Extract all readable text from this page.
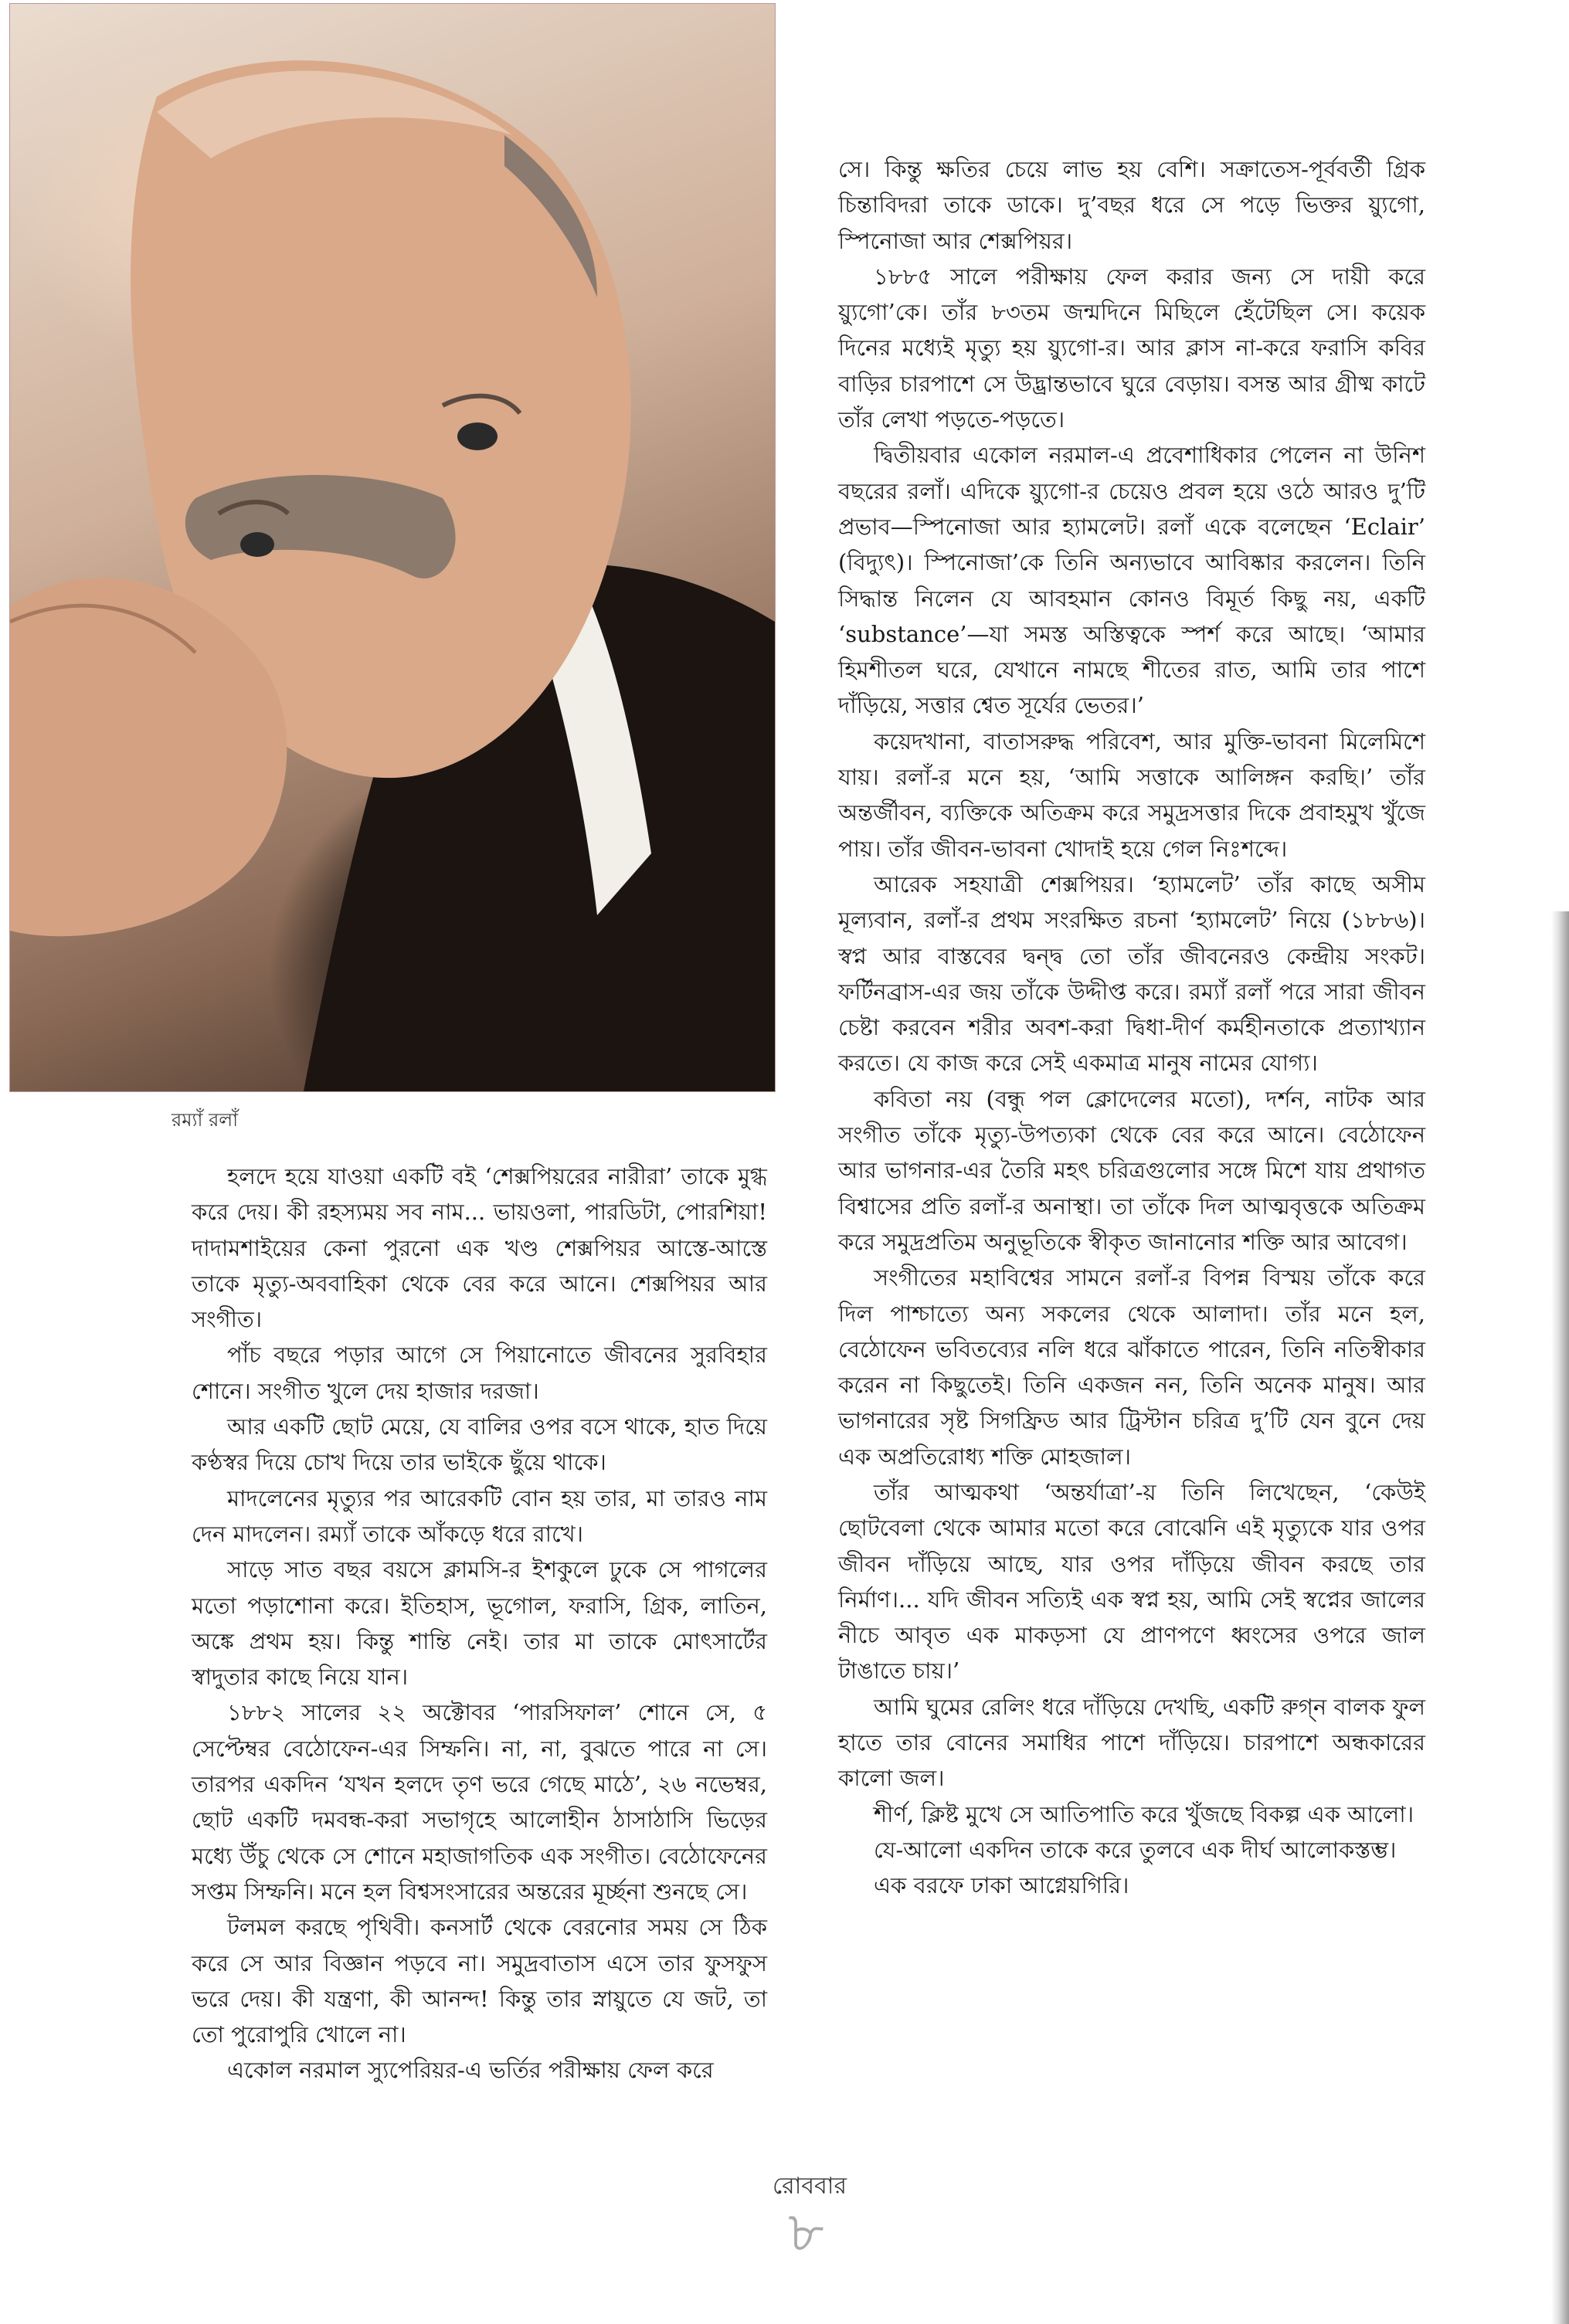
রম্যাঁ রলাঁ

হলদে হয়ে যাওয়া একটি বই ‘শেক্সপিয়রের নারীরা’ তাকে মুগ্ধ করে দেয়। কী রহস্যময় সব নাম... ভায়ওলা, পারডিটা, পোরশিয়া! দাদামশাইয়ের কেনা পুরনো এক খণ্ড শেক্সপিয়র আস্তে-আস্তে তাকে মৃত্যু-অববাহিকা থেকে বের করে আনে। শেক্সপিয়র আর সংগীত।

পাঁচ বছরে পড়ার আগে সে পিয়ানোতে জীবনের সুরবিহার শোনে। সংগীত খুলে দেয় হাজার দরজা।

আর একটি ছোট মেয়ে, যে বালির ওপর বসে থাকে, হাত দিয়ে কণ্ঠস্বর দিয়ে চোখ দিয়ে তার ভাইকে ছুঁয়ে থাকে।

মাদলেনের মৃত্যুর পর আরেকটি বোন হয় তার, মা তারও নাম দেন মাদলেন। রম্যাঁ তাকে আঁকড়ে ধরে রাখে।

সাড়ে সাত বছর বয়সে ক্লামসি-র ইশকুলে ঢুকে সে পাগলের মতো পড়াশোনা করে। ইতিহাস, ভূগোল, ফরাসি, গ্রিক, লাতিন, অঙ্কে প্রথম হয়। কিন্তু শান্তি নেই। তার মা তাকে মোৎসার্টের স্বাদুতার কাছে নিয়ে যান।

১৮৮২ সালের ২২ অক্টোবর ‘পারসিফাল’ শোনে সে, ৫ সেপ্টেম্বর বেঠোফেন-এর সিম্ফনি। না, না, বুঝতে পারে না সে। তারপর একদিন ‘যখন হলদে তৃণ ভরে গেছে মাঠে’, ২৬ নভেম্বর, ছোট একটি দমবন্ধ-করা সভাগৃহে আলোহীন ঠাসাঠাসি ভিড়ের মধ্যে উঁচু থেকে সে শোনে মহাজাগতিক এক সংগীত। বেঠোফেনের সপ্তম সিম্ফনি। মনে হল বিশ্বসংসারের অন্তরের মূর্চ্ছনা শুনছে সে।

টলমল করছে পৃথিবী। কনসার্ট থেকে বেরনোর সময় সে ঠিক করে সে আর বিজ্ঞান পড়বে না। সমুদ্রবাতাস এসে তার ফুসফুস ভরে দেয়। কী যন্ত্রণা, কী আনন্দ! কিন্তু তার স্নায়ুতে যে জট, তা তো পুরোপুরি খোলে না।

একোল নরমাল স্যুপেরিয়র-এ ভর্তির পরীক্ষায় ফেল করে

সে। কিন্তু ক্ষতির চেয়ে লাভ হয় বেশি। সক্রাতেস-পূর্ববর্তী গ্রিক চিন্তাবিদরা তাকে ডাকে। দু’বছর ধরে সে পড়ে ভিক্তর য়্যুগো, স্পিনোজা আর শেক্সপিয়র।

১৮৮৫ সালে পরীক্ষায় ফেল করার জন্য সে দায়ী করে য়্যুগো’কে। তাঁর ৮৩তম জন্মদিনে মিছিলে হেঁটেছিল সে। কয়েক দিনের মধ্যেই মৃত্যু হয় য়্যুগো-র। আর ক্লাস না-করে ফরাসি কবির বাড়ির চারপাশে সে উদ্ভ্রান্তভাবে ঘুরে বেড়ায়। বসন্ত আর গ্রীষ্ম কাটে তাঁর লেখা পড়তে-পড়তে।

দ্বিতীয়বার একোল নরমাল-এ প্রবেশাধিকার পেলেন না উনিশ বছরের রলাঁ। এদিকে য়্যুগো-র চেয়েও প্রবল হয়ে ওঠে আরও দু’টি প্রভাব—স্পিনোজা আর হ্যামলেট। রলাঁ একে বলেছেন ‘Eclair’ (বিদ্যুৎ)। স্পিনোজা’কে তিনি অন্যভাবে আবিষ্কার করলেন। তিনি সিদ্ধান্ত নিলেন যে আবহমান কোনও বিমূর্ত কিছু নয়, একটি ‘substance’—যা সমস্ত অস্তিত্বকে স্পর্শ করে আছে। ‘আমার হিমশীতল ঘরে, যেখানে নামছে শীতের রাত, আমি তার পাশে দাঁড়িয়ে, সত্তার শ্বেত সূর্যের ভেতর।’

কয়েদখানা, বাতাসরুদ্ধ পরিবেশ, আর মুক্তি-ভাবনা মিলেমিশে যায়। রলাঁ-র মনে হয়, ‘আমি সত্তাকে আলিঙ্গন করছি।’ তাঁর অন্তর্জীবন, ব্যক্তিকে অতিক্রম করে সমুদ্রসত্তার দিকে প্রবাহমুখ খুঁজে পায়। তাঁর জীবন-ভাবনা খোদাই হয়ে গেল নিঃশব্দে।

আরেক সহযাত্রী শেক্সপিয়র। ‘হ্যামলেট’ তাঁর কাছে অসীম মূল্যবান, রলাঁ-র প্রথম সংরক্ষিত রচনা ‘হ্যামলেট’ নিয়ে (১৮৮৬)। স্বপ্ন আর বাস্তবের দ্বন্দ্ব তো তাঁর জীবনেরও কেন্দ্রীয় সংকট। ফর্টিনব্রাস-এর জয় তাঁকে উদ্দীপ্ত করে। রম্যাঁ রলাঁ পরে সারা জীবন চেষ্টা করবেন শরীর অবশ-করা দ্বিধা-দীর্ণ কর্মহীনতাকে প্রত্যাখ্যান করতে। যে কাজ করে সেই একমাত্র মানুষ নামের যোগ্য।

কবিতা নয় (বন্ধু পল ক্লোদেলের মতো), দর্শন, নাটক আর সংগীত তাঁকে মৃত্যু-উপত্যকা থেকে বের করে আনে। বেঠোফেন আর ভাগনার-এর তৈরি মহৎ চরিত্রগুলোর সঙ্গে মিশে যায় প্রথাগত বিশ্বাসের প্রতি রলাঁ-র অনাস্থা। তা তাঁকে দিল আত্মবৃত্তকে অতিক্রম করে সমুদ্রপ্রতিম অনুভূতিকে স্বীকৃত জানানোর শক্তি আর আবেগ।

সংগীতের মহাবিশ্বের সামনে রলাঁ-র বিপন্ন বিস্ময় তাঁকে করে দিল পাশ্চাত্যে অন্য সকলের থেকে আলাদা। তাঁর মনে হল, বেঠোফেন ভবিতব্যের নলি ধরে ঝাঁকাতে পারেন, তিনি নতিস্বীকার করেন না কিছুতেই। তিনি একজন নন, তিনি অনেক মানুষ। আর ভাগনারের সৃষ্ট সিগফ্রিড আর ট্রিস্টান চরিত্র দু’টি যেন বুনে দেয় এক অপ্রতিরোধ্য শক্তি মোহজাল।

তাঁর আত্মকথা ‘অন্তর্যাত্রা’-য় তিনি লিখেছেন, ‘কেউই ছোটবেলা থেকে আমার মতো করে বোঝেনি এই মৃত্যুকে যার ওপর জীবন দাঁড়িয়ে আছে, যার ওপর দাঁড়িয়ে জীবন করছে তার নির্মাণ।... যদি জীবন সত্যিই এক স্বপ্ন হয়, আমি সেই স্বপ্নের জালের নীচে আবৃত এক মাকড়সা যে প্রাণপণে ধ্বংসের ওপরে জাল টাঙাতে চায়।’

আমি ঘুমের রেলিং ধরে দাঁড়িয়ে দেখছি, একটি রুগ্‌ন বালক ফুল হাতে তার বোনের সমাধির পাশে দাঁড়িয়ে। চারপাশে অন্ধকারের কালো জল।

শীর্ণ, ক্লিষ্ট মুখে সে আতিপাতি করে খুঁজছে বিকল্প এক আলো।

যে-আলো একদিন তাকে করে তুলবে এক দীর্ঘ আলোকস্তম্ভ।

এক বরফে ঢাকা আগ্নেয়গিরি।

রোববার
৮
